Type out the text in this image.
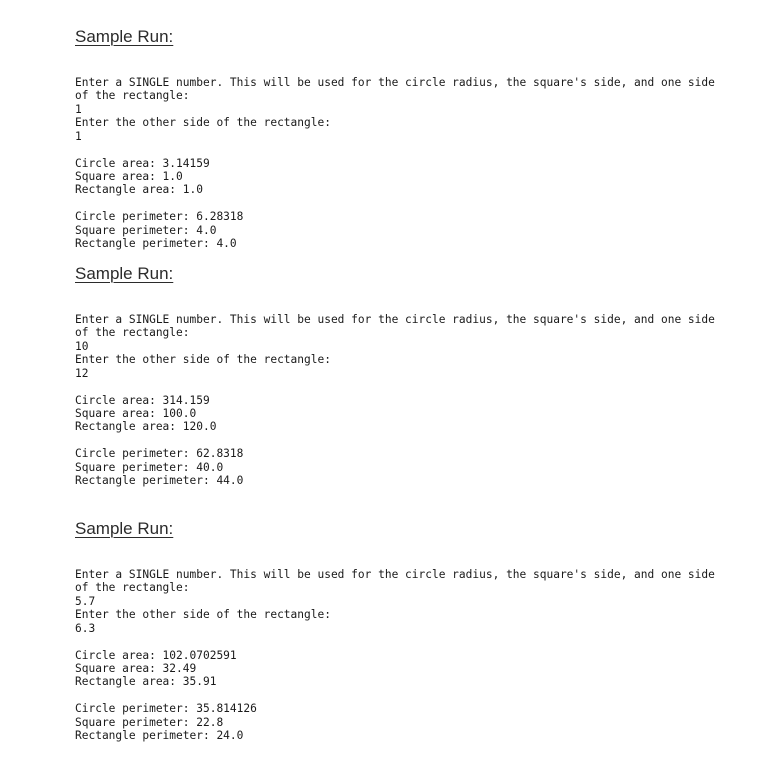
Sample Run:

Enter a SINGLE number. This will be used for the circle radius, the square's side, and one side of the rectangle:
1
Enter the other side of the rectangle:
1
Circle area: 3.14159
Square area: 1.0
Rectangle area: 1.0
Circle perimeter: 6.28318
Square perimeter: 4.0
Rectangle perimeter: 4.0

Sample Run:

Enter a SINGLE number. This will be used for the circle radius, the square's side, and one side of the rectangle:
10
Enter the other side of the rectangle:
12
Circle area: 314.159
Square area: 100.0
Rectangle area: 120.0
Circle perimeter: 62.8318
Square perimeter: 40.0
Rectangle perimeter: 44.0

Sample Run:

Enter a SINGLE number. This will be used for the circle radius, the square's side, and one side of the rectangle:
5.7
Enter the other side of the rectangle:
6.3
Circle area: 102.0702591
Square area: 32.49
Rectangle area: 35.91
Circle perimeter: 35.814126
Square perimeter: 22.8
Rectangle perimeter: 24.0
